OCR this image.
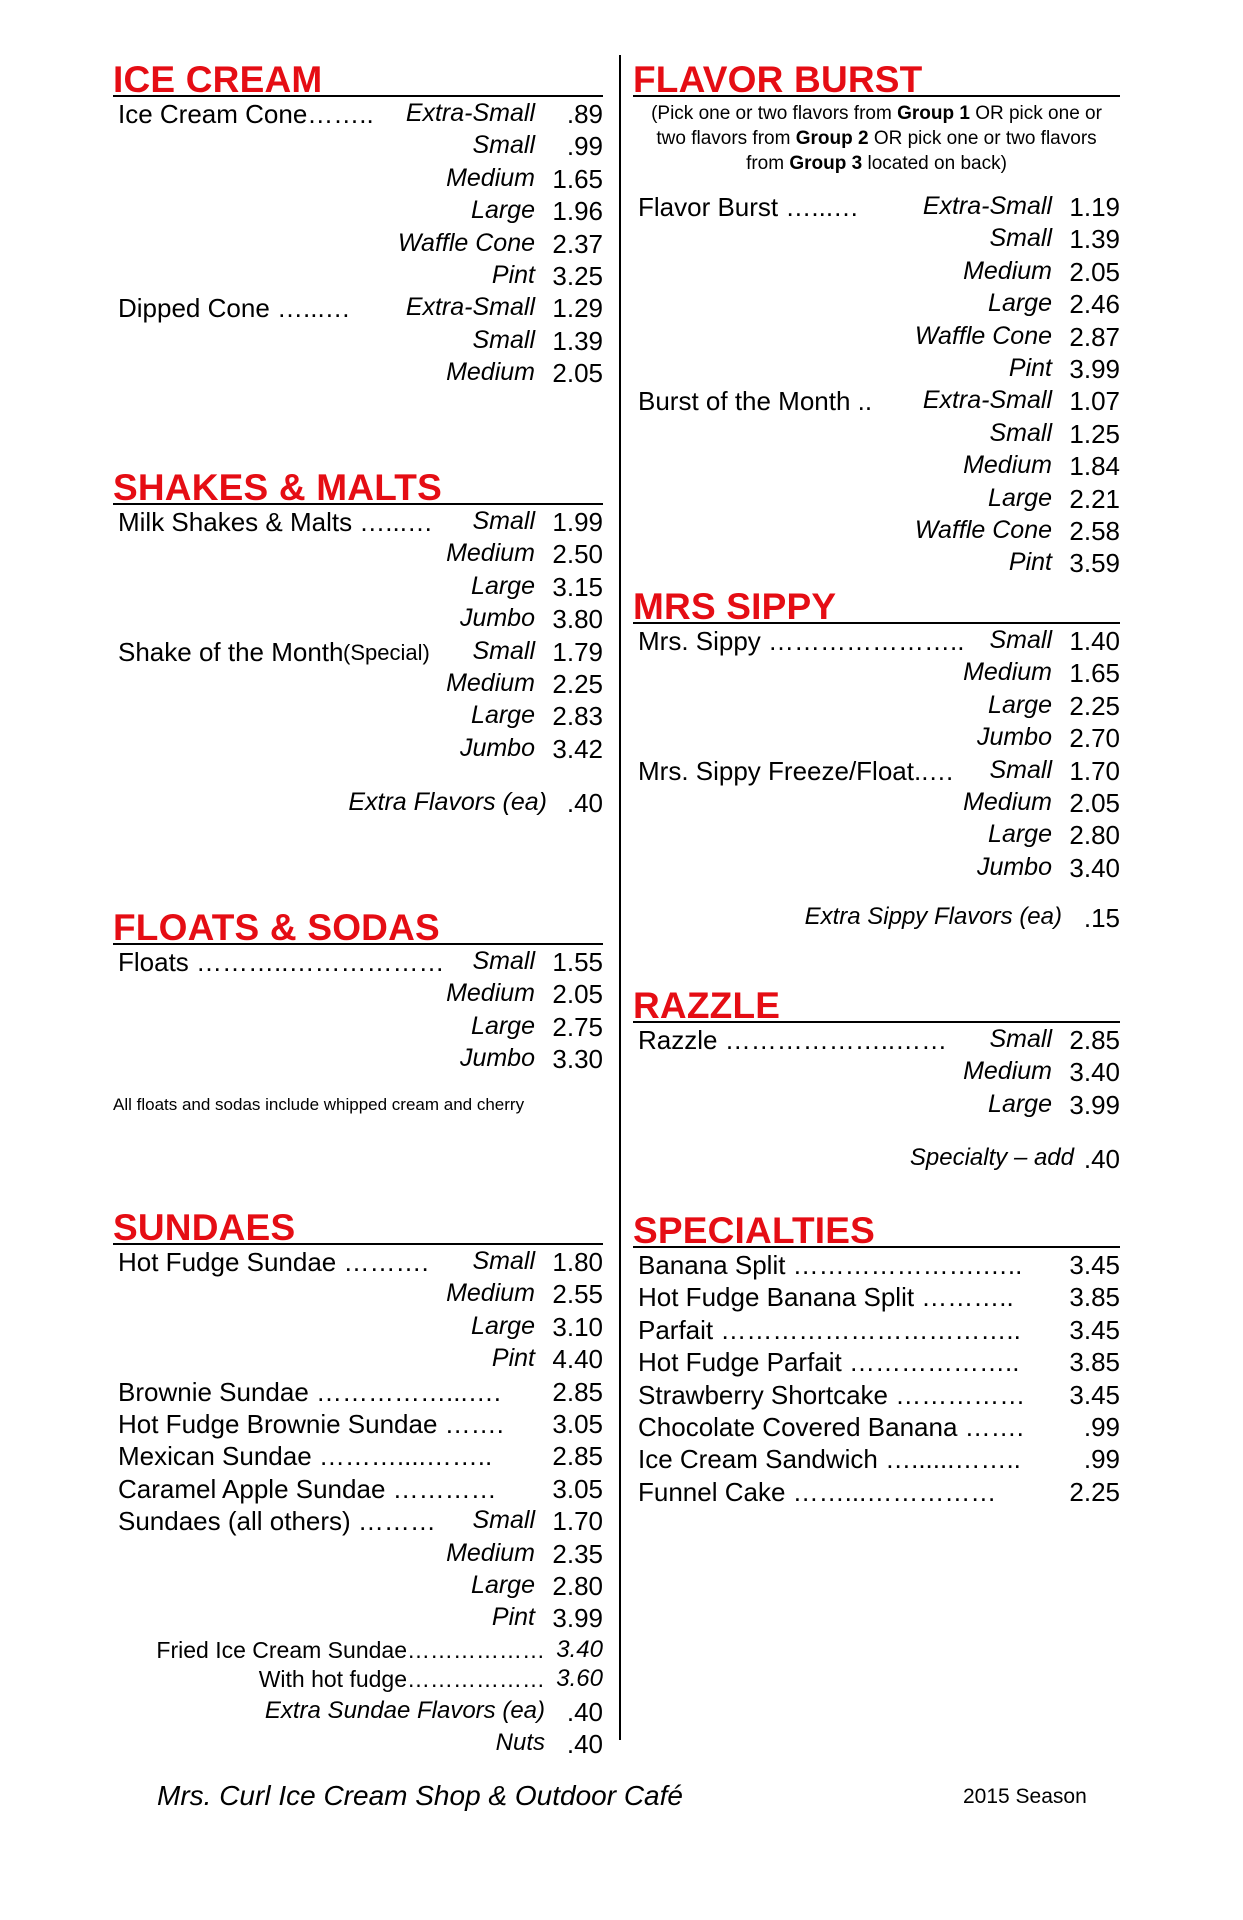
ICE CREAM
Ice Cream Cone…….. Extra-Small .89
Small .99
Medium 1.65
Large 1.96
Waffle Cone 2.37
Pint 3.25
Dipped Cone …...… Extra-Small 1.29
Small 1.39
Medium 2.05
SHAKES & MALTS
Milk Shakes & Malts …...… Small 1.99
Medium 2.50
Large 3.15
Jumbo 3.80
Shake of the Month (Special) Small 1.79
Medium 2.25
Large 2.83
Jumbo 3.42
Extra Flavors (ea) .40
FLOATS & SODAS
Floats ………..……………… Small 1.55
Medium 2.05
Large 2.75
Jumbo 3.30
All floats and sodas include whipped cream and cherry
SUNDAES
Hot Fudge Sundae ………. Small 1.80
Medium 2.55
Large 3.10
Pint 4.40
Brownie Sundae ……………...…. 2.85
Hot Fudge Brownie Sundae ……. 3.05
Mexican Sundae ………....…….. 2.85
Caramel Apple Sundae ………… 3.05
Sundaes (all others) ……… Small 1.70
Medium 2.35
Large 2.80
Pint 3.99
Fried Ice Cream Sundae……………… 3.40
With hot fudge……………… 3.60
Extra Sundae Flavors (ea) .40
Nuts .40
FLAVOR BURST
(Pick one or two flavors from Group 1 OR pick one or two flavors from Group 2 OR pick one or two flavors from Group 3 located on back)
Flavor Burst …...…	Extra-Small 1.19
Small 1.39
Medium 2.05
Large 2.46
Waffle Cone 2.87
Pint 3.99
Burst of the Month .. Extra-Small 1.07
Small 1.25
Medium 1.84
Large 2.21
Waffle Cone 2.58
Pint 3.59
MRS SIPPY
Mrs. Sippy ………………….. Small 1.40
Medium 1.65
Large 2.25
Jumbo 2.70
Mrs. Sippy Freeze/Float..… Small 1.70
Medium 2.05
Large 2.80
Jumbo 3.40
Extra Sippy Flavors (ea) .15
RAZZLE
Razzle ………………..…… Small 2.85
Medium 3.40
Large 3.99
Specialty – add .40
SPECIALTIES
Banana Split ………………….….. 3.45
Hot Fudge Banana Split ……….. 3.85
Parfait …………………………….. 3.45
Hot Fudge Parfait ……………….. 3.85
Strawberry Shortcake …………… 3.45
Chocolate Covered Banana ……. .99
Ice Cream Sandwich …......…….. .99
Funnel Cake ……...……………	2.25
Mrs. Curl Ice Cream Shop & Outdoor Café	2015 Season
